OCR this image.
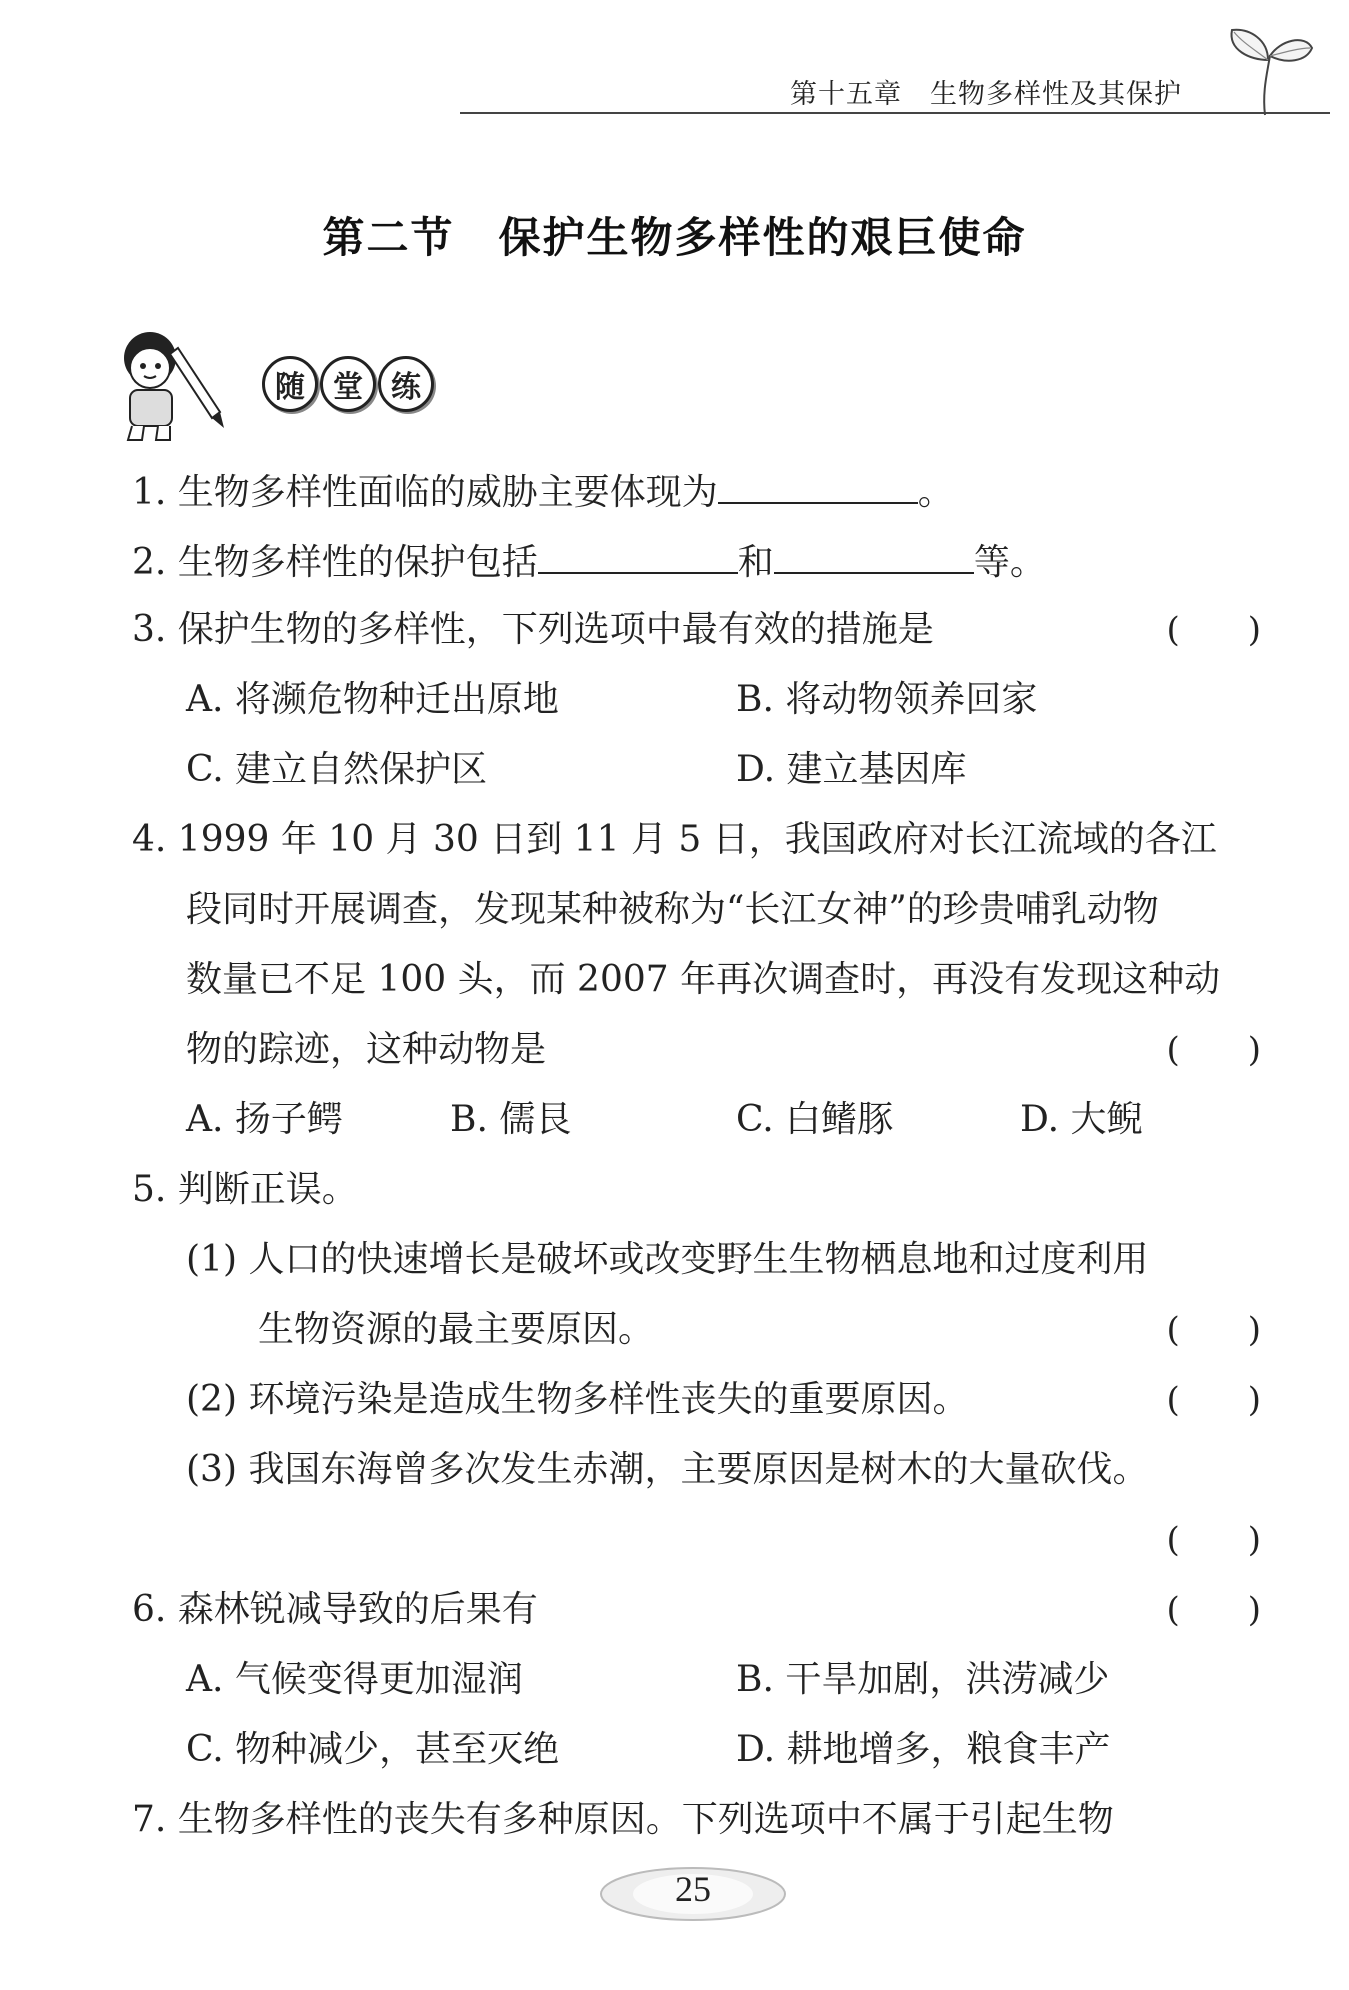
第十五章　 生物多样性及其保护
第二节　保护生物多样性的艰巨使命
随 堂 练
1. 生物多样性面临的威胁主要体现为	。
2. 生物多样性的保护包括	和	等。
3. 保护生物的多样性，下列选项中最有效的措施是	(　　)
A. 将濒危物种迁出原地	B. 将动物领养回家
C. 建立自然保护区	D. 建立基因库
4. 1999 年 10 月 30 日到 11 月 5 日，我国政府对长江流域的各江
段同时开展调查，发现某种被称为“长江女神”的珍贵哺乳动物
数量已不足 100 头，而 2007 年再次调查时，再没有发现这种动
物的踪迹，这种动物是	(　　)
A. 扬子鳄	B. 儒艮	C. 白鳍豚	D. 大鲵
5. 判断正误。
(1) 人口的快速增长是破坏或改变野生生物栖息地和过度利用
生物资源的最主要原因。	(　　)
(2) 环境污染是造成生物多样性丧失的重要原因。	(　　)
(3) 我国东海曾多次发生赤潮，主要原因是树木的大量砍伐。
(　　)
6. 森林锐减导致的后果有	(　　)
A. 气候变得更加湿润	B. 干旱加剧，洪涝减少
C. 物种减少，甚至灭绝	D. 耕地增多，粮食丰产
7. 生物多样性的丧失有多种原因。下列选项中不属于引起生物
25
